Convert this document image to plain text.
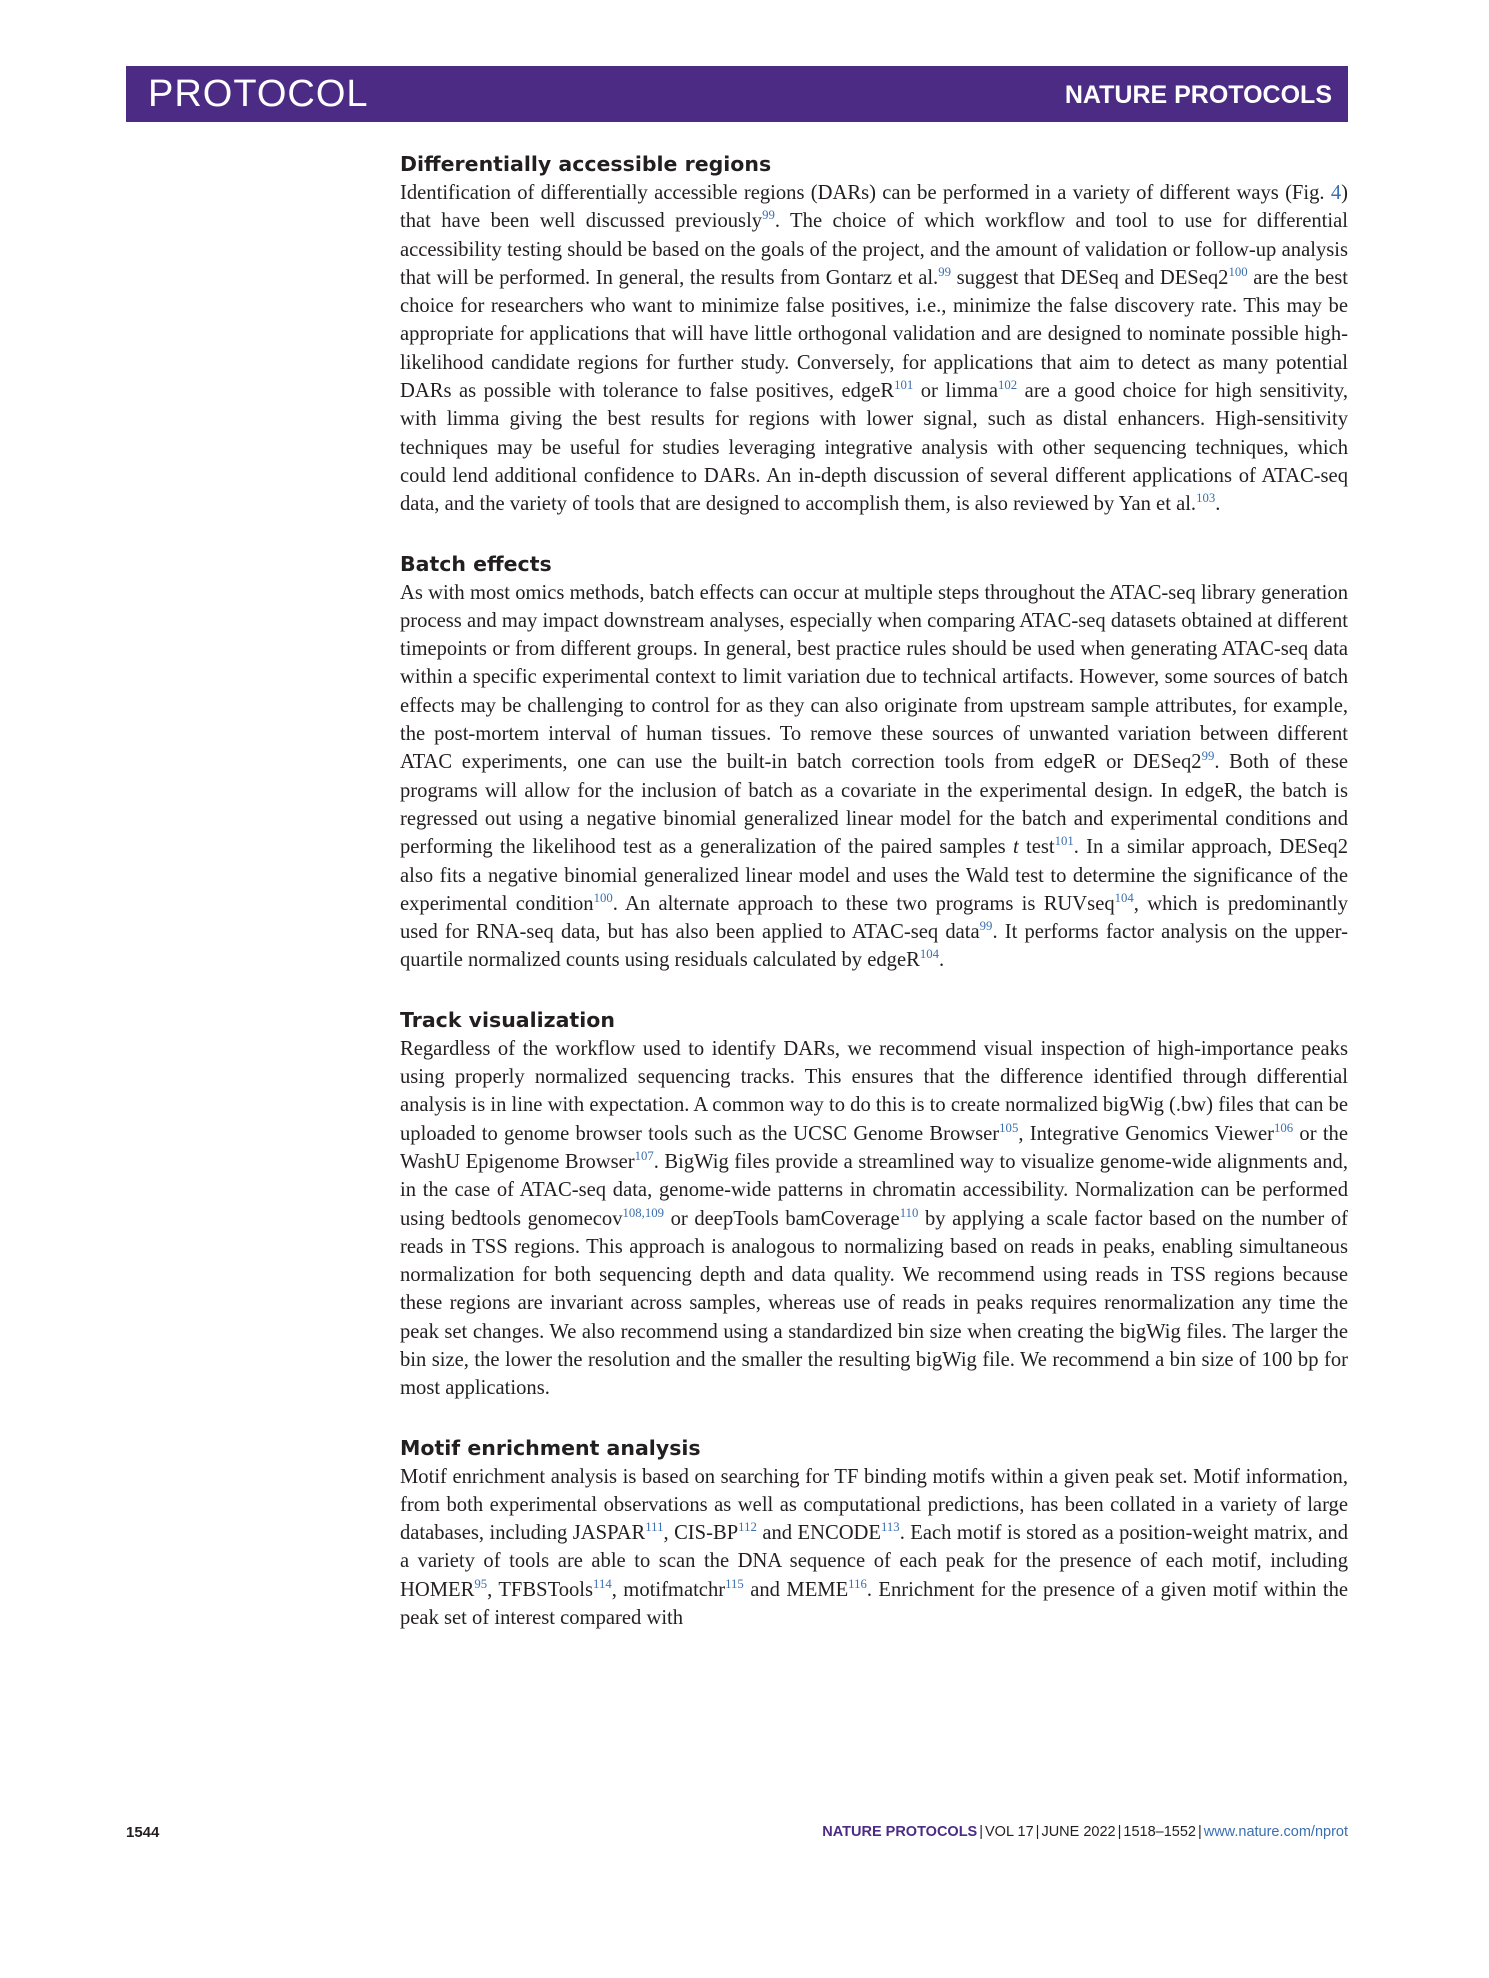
PROTOCOL	NATURE PROTOCOLS
Differentially accessible regions

Identification of differentially accessible regions (DARs) can be performed in a variety of different ways (Fig. 4) that have been well discussed previously$^{99}$. The choice of which workflow and tool to use for differential accessibility testing should be based on the goals of the project, and the amount of validation or follow-up analysis that will be performed. In general, the results from Gontarz et al.$^{99}$ suggest that DESeq and DESeq2$^{100}$ are the best choice for researchers who want to minimize false positives, i.e., minimize the false discovery rate. This may be appropriate for applications that will have little orthogonal validation and are designed to nominate possible high-likelihood candidate regions for further study. Conversely, for applications that aim to detect as many potential DARs as possible with tolerance to false positives, edgeR$^{101}$ or limma$^{102}$ are a good choice for high sensitivity, with limma giving the best results for regions with lower signal, such as distal enhancers. High-sensitivity techniques may be useful for studies leveraging integrative analysis with other sequencing techniques, which could lend additional confidence to DARs. An in-depth discussion of several different applications of ATAC-seq data, and the variety of tools that are designed to accomplish them, is also reviewed by Yan et al.$^{103}$.

Batch effects

As with most omics methods, batch effects can occur at multiple steps throughout the ATAC-seq library generation process and may impact downstream analyses, especially when comparing ATAC-seq datasets obtained at different timepoints or from different groups. In general, best practice rules should be used when generating ATAC-seq data within a specific experimental context to limit variation due to technical artifacts. However, some sources of batch effects may be challenging to control for as they can also originate from upstream sample attributes, for example, the post-mortem interval of human tissues. To remove these sources of unwanted variation between different ATAC experiments, one can use the built-in batch correction tools from edgeR or DESeq2$^{99}$. Both of these programs will allow for the inclusion of batch as a covariate in the experimental design. In edgeR, the batch is regressed out using a negative binomial generalized linear model for the batch and experimental conditions and performing the likelihood test as a generalization of the paired samples t test$^{101}$. In a similar approach, DESeq2 also fits a negative binomial generalized linear model and uses the Wald test to determine the significance of the experimental condition$^{100}$. An alternate approach to these two programs is RUVseq$^{104}$, which is predominantly used for RNA-seq data, but has also been applied to ATAC-seq data$^{99}$. It performs factor analysis on the upper-quartile normalized counts using residuals calculated by edgeR$^{104}$.

Track visualization

Regardless of the workflow used to identify DARs, we recommend visual inspection of high-importance peaks using properly normalized sequencing tracks. This ensures that the difference identified through differential analysis is in line with expectation. A common way to do this is to create normalized bigWig (.bw) files that can be uploaded to genome browser tools such as the UCSC Genome Browser$^{105}$, Integrative Genomics Viewer$^{106}$ or the WashU Epigenome Browser$^{107}$. BigWig files provide a streamlined way to visualize genome-wide alignments and, in the case of ATAC-seq data, genome-wide patterns in chromatin accessibility. Normalization can be performed using bedtools genomecov$^{108,109}$ or deepTools bamCoverage$^{110}$ by applying a scale factor based on the number of reads in TSS regions. This approach is analogous to normalizing based on reads in peaks, enabling simultaneous normalization for both sequencing depth and data quality. We recommend using reads in TSS regions because these regions are invariant across samples, whereas use of reads in peaks requires renormalization any time the peak set changes. We also recommend using a standardized bin size when creating the bigWig files. The larger the bin size, the lower the resolution and the smaller the resulting bigWig file. We recommend a bin size of 100 bp for most applications.

Motif enrichment analysis

Motif enrichment analysis is based on searching for TF binding motifs within a given peak set. Motif information, from both experimental observations as well as computational predictions, has been collated in a variety of large databases, including JASPAR$^{111}$, CIS-BP$^{112}$ and ENCODE$^{113}$. Each motif is stored as a position-weight matrix, and a variety of tools are able to scan the DNA sequence of each peak for the presence of each motif, including HOMER$^{95}$, TFBSTools$^{114}$, motifmatchr$^{115}$ and MEME$^{116}$. Enrichment for the presence of a given motif within the peak set of interest compared with

1544	NATURE PROTOCOLS | VOL 17 | JUNE 2022 | 1518–1552 | www.nature.com/nprot
